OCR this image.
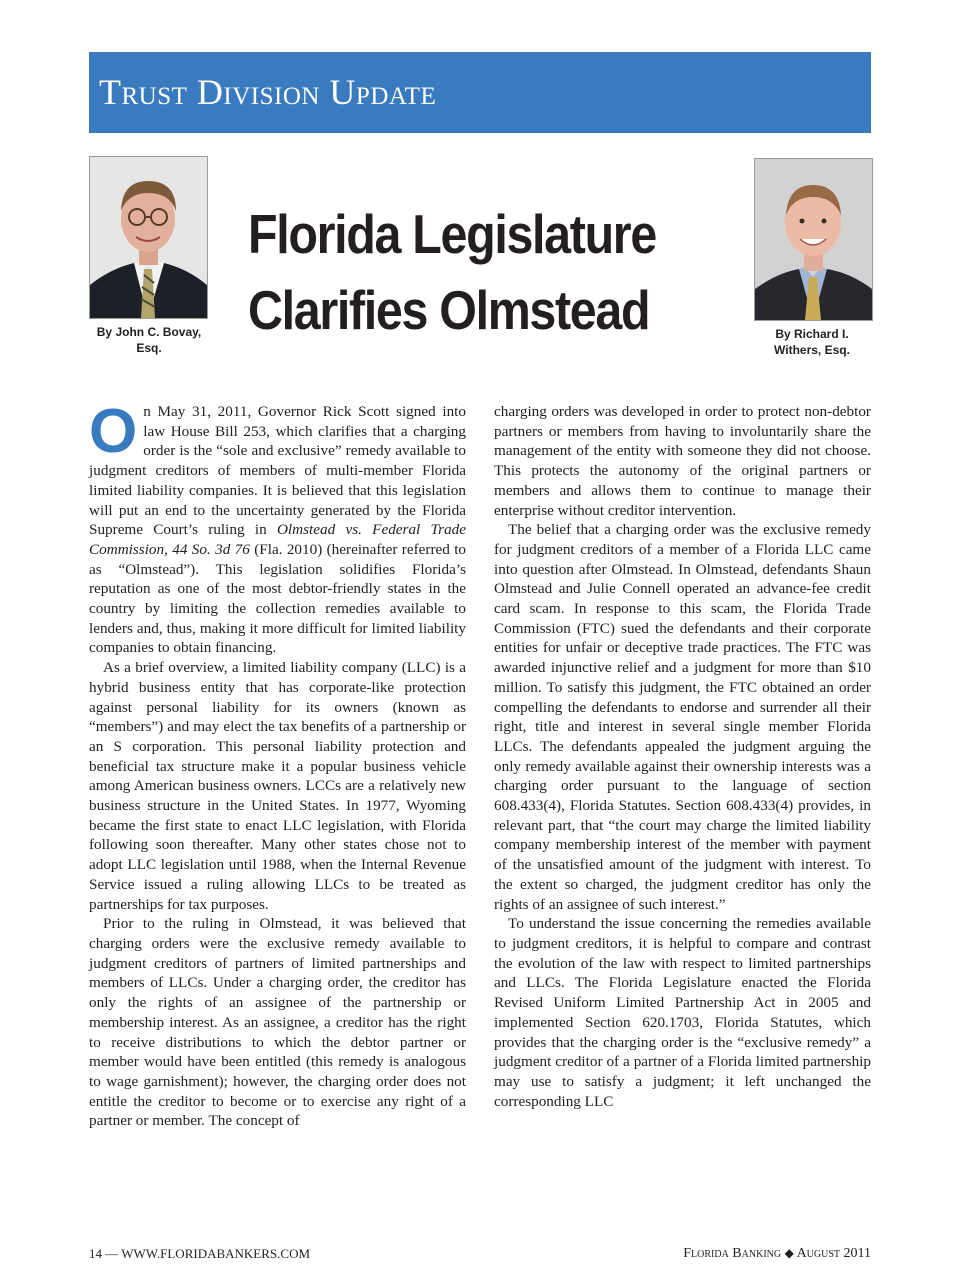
Trust Division Update
By John C. Bovay,
Esq.
Florida Legislature
Clarifies Olmstead	By Richard I.
Withers, Esq.

On May 31, 2011, Governor Rick Scott signed into law House Bill 253, which clarifies that a charging order is the “sole and exclusive” remedy available to judgment creditors of members of multi-member Florida limited liability companies. It is believed that this legislation will put an end to the uncertainty generated by the Florida Supreme Court’s ruling in Olmstead vs. Federal Trade Commission, 44 So. 3d 76 (Fla. 2010) (hereinafter referred to as “Olmstead”). This legislation solidifies Florida’s reputation as one of the most debtor-friendly states in the country by limiting the collection remedies available to lenders and, thus, making it more difficult for limited liability companies to obtain financing.

As a brief overview, a limited liability company (LLC) is a hybrid business entity that has corporate-like protection against personal liability for its owners (known as “members”) and may elect the tax benefits of a partnership or an S corporation. This personal liability protection and beneficial tax structure make it a popular business vehicle among American business owners. LCCs are a relatively new business structure in the United States. In 1977, Wyoming became the first state to enact LLC legislation, with Florida following soon thereafter. Many other states chose not to adopt LLC legislation until 1988, when the Internal Revenue Service issued a ruling allowing LLCs to be treated as partnerships for tax purposes.

Prior to the ruling in Olmstead, it was believed that charging orders were the exclusive remedy available to judgment creditors of partners of limited partnerships and members of LLCs. Under a charging order, the creditor has only the rights of an assignee of the partnership or membership interest. As an assignee, a creditor has the right to receive distributions to which the debtor partner or member would have been entitled (this remedy is analogous to wage garnishment); however, the charging order does not entitle the creditor to become or to exercise any right of a partner or member. The concept of

charging orders was developed in order to protect non-debtor partners or members from having to involuntarily share the management of the entity with someone they did not choose. This protects the autonomy of the original partners or members and allows them to continue to manage their enterprise without creditor intervention.

The belief that a charging order was the exclusive remedy for judgment creditors of a member of a Florida LLC came into question after Olmstead. In Olmstead, defendants Shaun Olmstead and Julie Connell operated an advance-fee credit card scam. In response to this scam, the Florida Trade Commission (FTC) sued the defendants and their corporate entities for unfair or deceptive trade practices. The FTC was awarded injunctive relief and a judgment for more than $10 million. To satisfy this judgment, the FTC obtained an order compelling the defendants to endorse and surrender all their right, title and interest in several single member Florida LLCs. The defendants appealed the judgment arguing the only remedy available against their ownership interests was a charging order pursuant to the language of section 608.433(4), Florida Statutes. Section 608.433(4) provides, in relevant part, that “the court may charge the limited liability company membership interest of the member with payment of the unsatisfied amount of the judgment with interest. To the extent so charged, the judgment creditor has only the rights of an assignee of such interest.”

To understand the issue concerning the remedies available to judgment creditors, it is helpful to compare and contrast the evolution of the law with respect to limited partnerships and LLCs. The Florida Legislature enacted the Florida Revised Uniform Limited Partnership Act in 2005 and implemented Section 620.1703, Florida Statutes, which provides that the charging order is the “exclusive remedy” a judgment creditor of a partner of a Florida limited partnership may use to satisfy a judgment; it left unchanged the corresponding LLC

14 — WWW.FLORIDABANKERS.COM	Florida Banking ◆ August 2011
